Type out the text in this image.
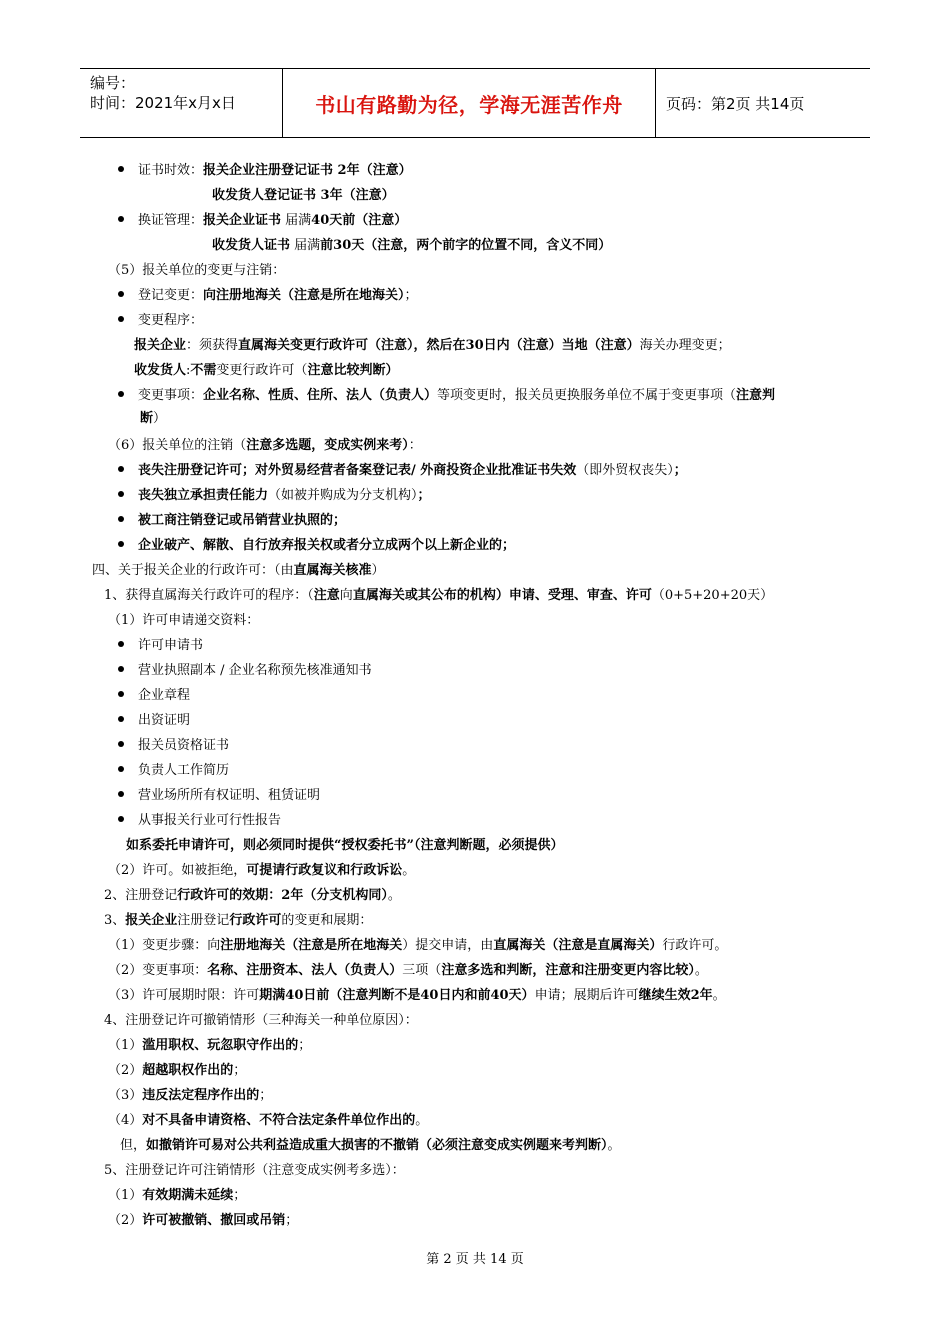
编号：
时间：2021年x月x日	书山有路勤为径，学海无涯苦作舟	页码：第2页 共14页
证书时效：报关企业注册登记证书 2年（注意）
收发货人登记证书 3年（注意）
换证管理：报关企业证书 届满40天前（注意）
收发货人证书 届满前30天（注意，两个前字的位置不同，含义不同）
（5）报关单位的变更与注销：
登记变更：向注册地海关（注意是所在地海关）；
变更程序：
报关企业：须获得直属海关变更行政许可（注意），然后在30日内（注意）当地（注意）海关办理变更；
收发货人:不需变更行政许可（注意比较判断）
变更事项：企业名称、性质、住所、法人（负责人）等项变更时，报关员更换服务单位不属于变更事项（注意判
断）
（6）报关单位的注销（注意多选题，变成实例来考）：
丧失注册登记许可；对外贸易经营者备案登记表/ 外商投资企业批准证书失效（即外贸权丧失）；
丧失独立承担责任能力（如被并购成为分支机构）；
被工商注销登记或吊销营业执照的；
企业破产、解散、自行放弃报关权或者分立成两个以上新企业的；
四、关于报关企业的行政许可：（由直属海关核准）
1、获得直属海关行政许可的程序：（注意向直属海关或其公布的机构）申请、受理、审查、许可（0+5+20+20天）
（1）许可申请递交资料：
许可申请书
营业执照副本 / 企业名称预先核准通知书
企业章程
出资证明
报关员资格证书
负责人工作简历
营业场所所有权证明、租赁证明
从事报关行业可行性报告
如系委托申请许可，则必须同时提供“授权委托书”（注意判断题，必须提供）
（2）许可。如被拒绝，可提请行政复议和行政诉讼。
2、注册登记行政许可的效期：2年（分支机构同）。
3、报关企业注册登记行政许可的变更和展期：
（1）变更步骤：向注册地海关（注意是所在地海关）提交申请，由直属海关（注意是直属海关）行政许可。
（2）变更事项：名称、注册资本、法人（负责人）三项（注意多选和判断，注意和注册变更内容比较）。
（3）许可展期时限：许可期满40日前（注意判断不是40日内和前40天）申请；展期后许可继续生效2年。
4、注册登记许可撤销情形（三种海关一种单位原因）：
（1）滥用职权、玩忽职守作出的；
（2）超越职权作出的；
（3）违反法定程序作出的；
（4）对不具备申请资格、不符合法定条件单位作出的。
但，如撤销许可易对公共利益造成重大损害的不撤销（必须注意变成实例题来考判断）。
5、注册登记许可注销情形（注意变成实例考多选）：
（1）有效期满未延续；
（2）许可被撤销、撤回或吊销；
第 2 页 共 14 页
